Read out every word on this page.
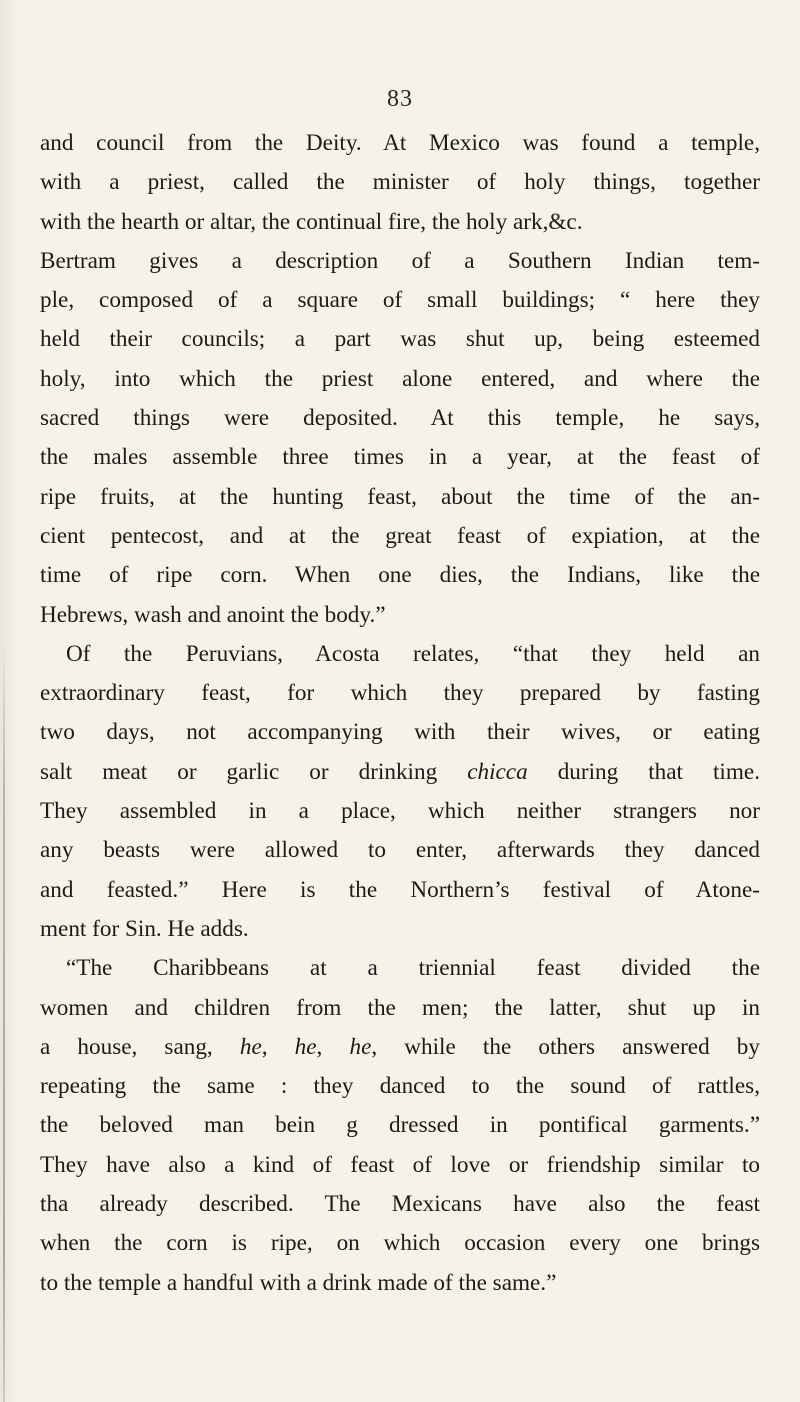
83
and council from the Deity. At Mexico was found a temple,
with a priest, called the minister of holy things, together
with the hearth or altar, the continual fire, the holy ark,&c.
Bertram gives a description of a Southern Indian tem-
ple, composed of a square of small buildings; “ here they
held their councils; a part was shut up, being esteemed
holy, into which the priest alone entered, and where the
sacred things were deposited. At this temple, he says,
the males assemble three times in a year, at the feast of
ripe fruits, at the hunting feast, about the time of the an-
cient pentecost, and at the great feast of expiation, at the
time of ripe corn. When one dies, the Indians, like the
Hebrews, wash and anoint the body.”
Of the Peruvians, Acosta relates, “that they held an
extraordinary feast, for which they prepared by fasting
two days, not accompanying with their wives, or eating
salt meat or garlic or drinking chicca during that time.
They assembled in a place, which neither strangers nor
any beasts were allowed to enter, afterwards they danced
and feasted.” Here is the Northern’s festival of Atone-
ment for Sin. He adds.
“The Charibbeans at a triennial feast divided the
women and children from the men; the latter, shut up in
a house, sang, he, he, he, while the others answered by
repeating the same : they danced to the sound of rattles,
the beloved man bein g dressed in pontifical garments.”
They have also a kind of feast of love or friendship similar to
tha already described. The Mexicans have also the feast
when the corn is ripe, on which occasion every one brings
to the temple a handful with a drink made of the same.”
